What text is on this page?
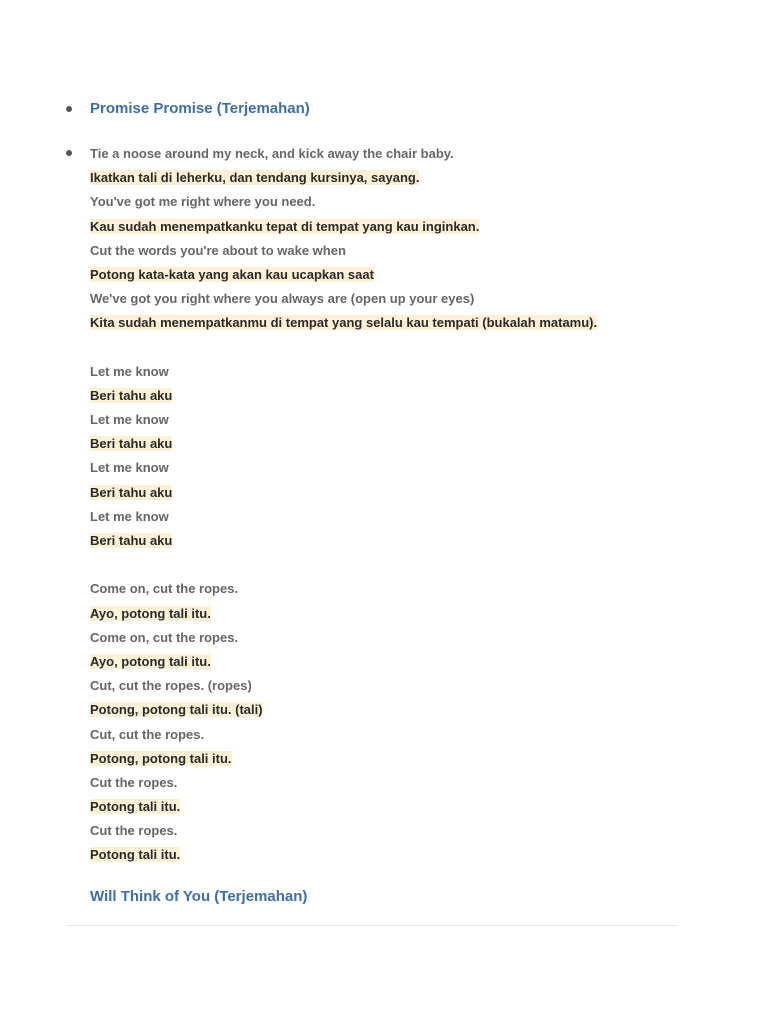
Promise Promise (Terjemahan)
Tie a noose around my neck, and kick away the chair baby.
Ikatkan tali di leherku, dan tendang kursinya, sayang.
You've got me right where you need.
Kau sudah menempatkanku tepat di tempat yang kau inginkan.
Cut the words you're about to wake when
Potong kata-kata yang akan kau ucapkan saat
We've got you right where you always are (open up your eyes)
Kita sudah menempatkanmu di tempat yang selalu kau tempati (bukalah matamu).
Let me know
Beri tahu aku
Let me know
Beri tahu aku
Let me know
Beri tahu aku
Let me know
Beri tahu aku
Come on, cut the ropes.
Ayo, potong tali itu.
Come on, cut the ropes.
Ayo, potong tali itu.
Cut, cut the ropes. (ropes)
Potong, potong tali itu. (tali)
Cut, cut the ropes.
Potong, potong tali itu.
Cut the ropes.
Potong tali itu.
Cut the ropes.
Potong tali itu.
Will Think of You (Terjemahan)
